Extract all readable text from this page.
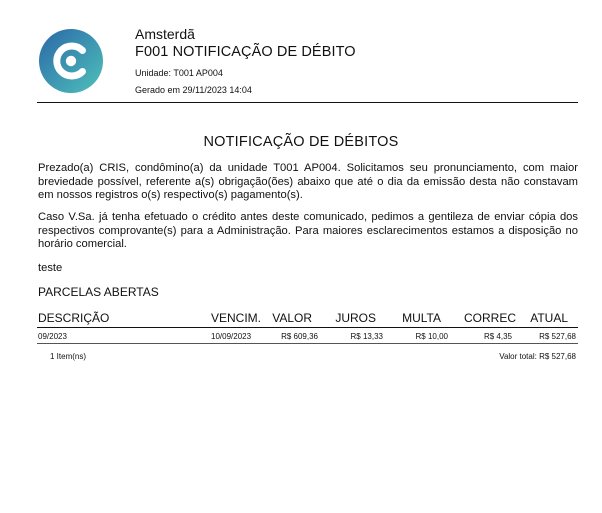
Amsterdã
F001 NOTIFICAÇÃO DE DÉBITO
Unidade: T001 AP004
Gerado em 29/11/2023 14:04
NOTIFICAÇÃO DE DÉBITOS
Prezado(a) CRIS, condômino(a) da unidade T001 AP004. Solicitamos seu pronunciamento, com maior breviedade possível, referente a(s) obrigação(ões) abaixo que até o dia da emissão desta não constavam em nossos registros o(s) respectivo(s) pagamento(s).
Caso V.Sa. já tenha efetuado o crédito antes deste comunicado, pedimos a gentileza de enviar cópia dos respectivos comprovante(s) para a Administração. Para maiores esclarecimentos estamos a disposição no horário comercial.
teste
PARCELAS ABERTAS
DESCRIÇÃO	VENCIM. VALOR	JUROS	MULTA	CORREC	ATUAL
09/2023	10/09/2023	R$ 609,36	R$ 13,33	R$ 10,00	R$ 4,35	R$ 527,68
1 Item(ns)	Valor total: R$ 527,68
